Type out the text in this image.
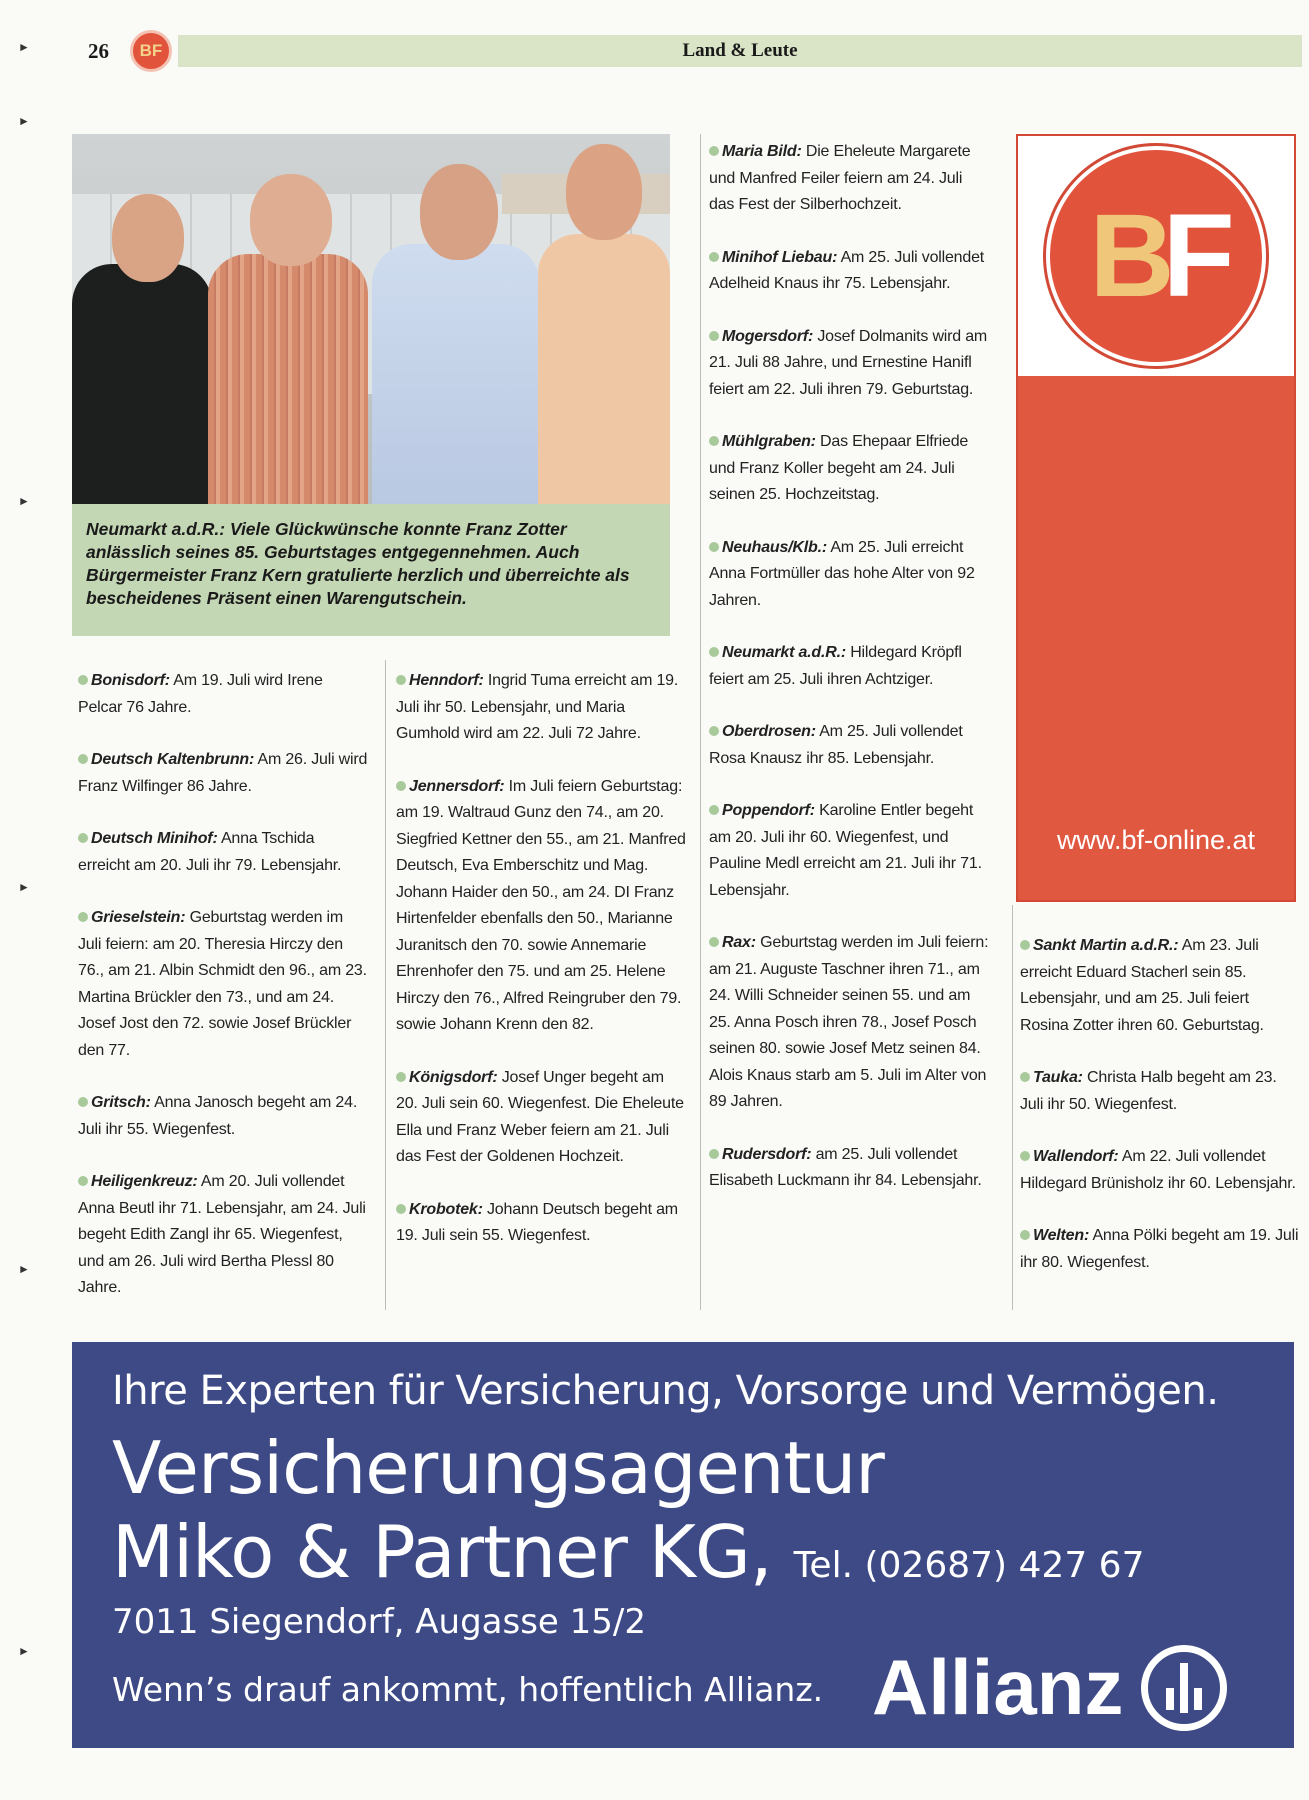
►
►
►
►
►
►
26	BF	Land & Leute
Neumarkt a.d.R.: Viele Glückwünsche konnte Franz Zotter anlässlich seines 85. Geburtstages entgegennehmen. Auch Bürgermeister Franz Kern gratulierte herzlich und überreichte als bescheidenes Präsent einen Warengutschein.
Bonisdorf: Am 19. Juli wird Irene Pelcar 76 Jahre.
Deutsch Kaltenbrunn: Am 26. Juli wird Franz Wilfinger 86 Jahre.
Deutsch Minihof: Anna Tschida erreicht am 20. Juli ihr 79. Lebensjahr.
Grieselstein: Geburtstag werden im Juli feiern: am 20. Theresia Hirczy den 76., am 21. Albin Schmidt den 96., am 23. Martina Brückler den 73., und am 24. Josef Jost den 72. sowie Josef Brückler den 77.
Gritsch: Anna Janosch begeht am 24. Juli ihr 55. Wiegenfest.
Heiligenkreuz: Am 20. Juli vollendet Anna Beutl ihr 71. Lebensjahr, am 24. Juli begeht Edith Zangl ihr 65. Wiegenfest, und am 26. Juli wird Bertha Plessl 80 Jahre.
Henndorf: Ingrid Tuma erreicht am 19. Juli ihr 50. Lebensjahr, und Maria Gumhold wird am 22. Juli 72 Jahre.
Jennersdorf: Im Juli feiern Geburtstag: am 19. Waltraud Gunz den 74., am 20. Siegfried Kettner den 55., am 21. Manfred Deutsch, Eva Emberschitz und Mag. Johann Haider den 50., am 24. DI Franz Hirtenfelder ebenfalls den 50., Marianne Juranitsch den 70. sowie Annemarie Ehrenhofer den 75. und am 25. Helene Hirczy den 76., Alfred Reingruber den 79. sowie Johann Krenn den 82.
Königsdorf: Josef Unger begeht am 20. Juli sein 60. Wiegenfest. Die Eheleute Ella und Franz Weber feiern am 21. Juli das Fest der Goldenen Hochzeit.
Krobotek: Johann Deutsch begeht am 19. Juli sein 55. Wiegenfest.
Maria Bild: Die Eheleute Margarete und Manfred Feiler feiern am 24. Juli das Fest der Silberhochzeit.
Minihof Liebau: Am 25. Juli vollendet Adelheid Knaus ihr 75. Lebensjahr.
Mogersdorf: Josef Dolmanits wird am 21. Juli 88 Jahre, und Ernestine Hanifl feiert am 22. Juli ihren 79. Geburtstag.
Mühlgraben: Das Ehepaar Elfriede und Franz Koller begeht am 24. Juli seinen 25. Hochzeitstag.
Neuhaus/Klb.: Am 25. Juli erreicht Anna Fortmüller das hohe Alter von 92 Jahren.
Neumarkt a.d.R.: Hildegard Kröpfl feiert am 25. Juli ihren Achtziger.
Oberdrosen: Am 25. Juli vollendet Rosa Knausz ihr 85. Lebensjahr.
Poppendorf: Karoline Entler begeht am 20. Juli ihr 60. Wiegenfest, und Pauline Medl erreicht am 21. Juli ihr 71. Lebensjahr.
Rax: Geburtstag werden im Juli feiern: am 21. Auguste Taschner ihren 71., am 24. Willi Schneider seinen 55. und am 25. Anna Posch ihren 78., Josef Posch seinen 80. sowie Josef Metz seinen 84. Alois Knaus starb am 5. Juli im Alter von 89 Jahren.
Rudersdorf: am 25. Juli vollendet Elisabeth Luckmann ihr 84. Lebensjahr.
BF
www.bf-online.at
Sankt Martin a.d.R.: Am 23. Juli erreicht Eduard Stacherl sein 85. Lebensjahr, und am 25. Juli feiert Rosina Zotter ihren 60. Geburtstag.
Tauka: Christa Halb begeht am 23. Juli ihr 50. Wiegenfest.
Wallendorf: Am 22. Juli vollendet Hildegard Brünisholz ihr 60. Lebensjahr.
Welten: Anna Pölki begeht am 19. Juli ihr 80. Wiegenfest.
Ihre Experten für Versicherung, Vorsorge und Vermögen.
Versicherungsagentur
Miko & Partner KG, Tel. (02687) 427 67
7011 Siegendorf, Augasse 15/2
Wenn’s drauf ankommt, hoffentlich Allianz. Allianz
